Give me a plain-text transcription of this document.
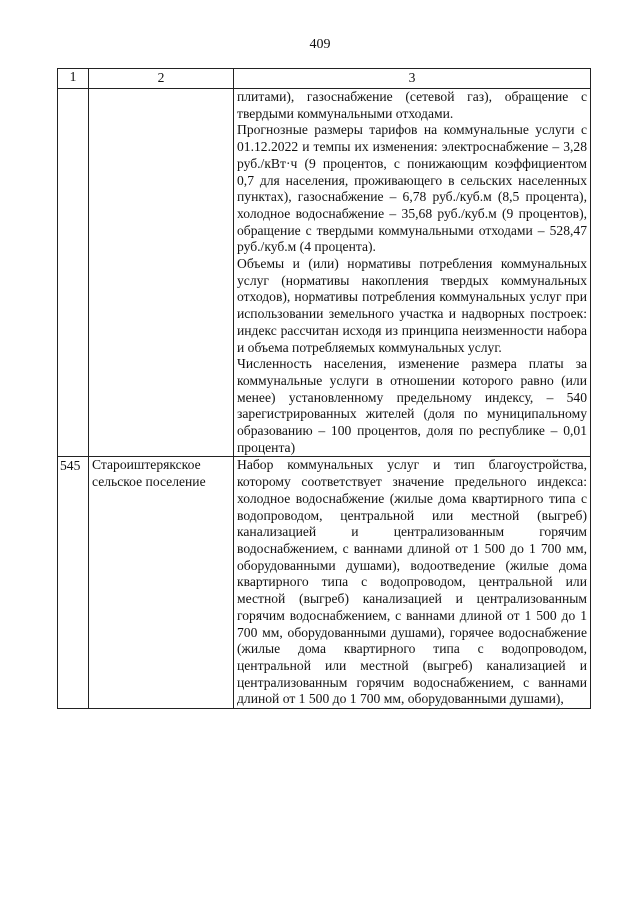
409
1	2	3

		плитами), газоснабжение (сетевой газ), обращение с твердыми коммунальными отходами.

Прогнозные размеры тарифов на коммунальные услуги с 01.12.2022 и темпы их изменения: электроснабжение – 3,28 руб./кВт·ч (9 процентов, с понижающим коэффициентом 0,7 для населения, проживающего в сельских населенных пунктах), газоснабжение – 6,78 руб./куб.м (8,5 процента), холодное водоснабжение – 35,68 руб./куб.м (9 процентов), обращение с твердыми коммунальными отходами – 528,47 руб./куб.м (4 процента).

Объемы и (или) нормативы потребления коммунальных услуг (нормативы накопления твердых коммунальных отходов), нормативы потребления коммунальных услуг при использовании земельного участка и надворных построек: индекс рассчитан исходя из принципа неизменности набора и объема потребляемых коммунальных услуг.

Численность населения, изменение размера платы за коммунальные услуги в отношении которого равно (или менее) установленному предельному индексу, – 540 зарегистрированных жителей (доля по муниципальному образованию – 100 процентов, доля по республике – 0,01 процента)

545	Староиштерякское сельское поселение	Набор коммунальных услуг и тип благоустройства, которому соответствует значение предельного индекса: холодное водоснабжение (жилые дома квартирного типа с водопроводом, центральной или местной (выгреб) канализацией и централизованным горячим водоснабжением, с ваннами длиной от 1 500 до 1 700 мм, оборудованными душами), водоотведение (жилые дома квартирного типа с водопроводом, центральной или местной (выгреб) канализацией и централизованным горячим водоснабжением, с ваннами длиной от 1 500 до 1 700 мм, оборудованными душами), горячее водоснабжение (жилые дома квартирного типа с водопроводом, центральной или местной (выгреб) канализацией и централизованным горячим водоснабжением, с ваннами длиной от 1 500 до 1 700 мм, оборудованными душами),
